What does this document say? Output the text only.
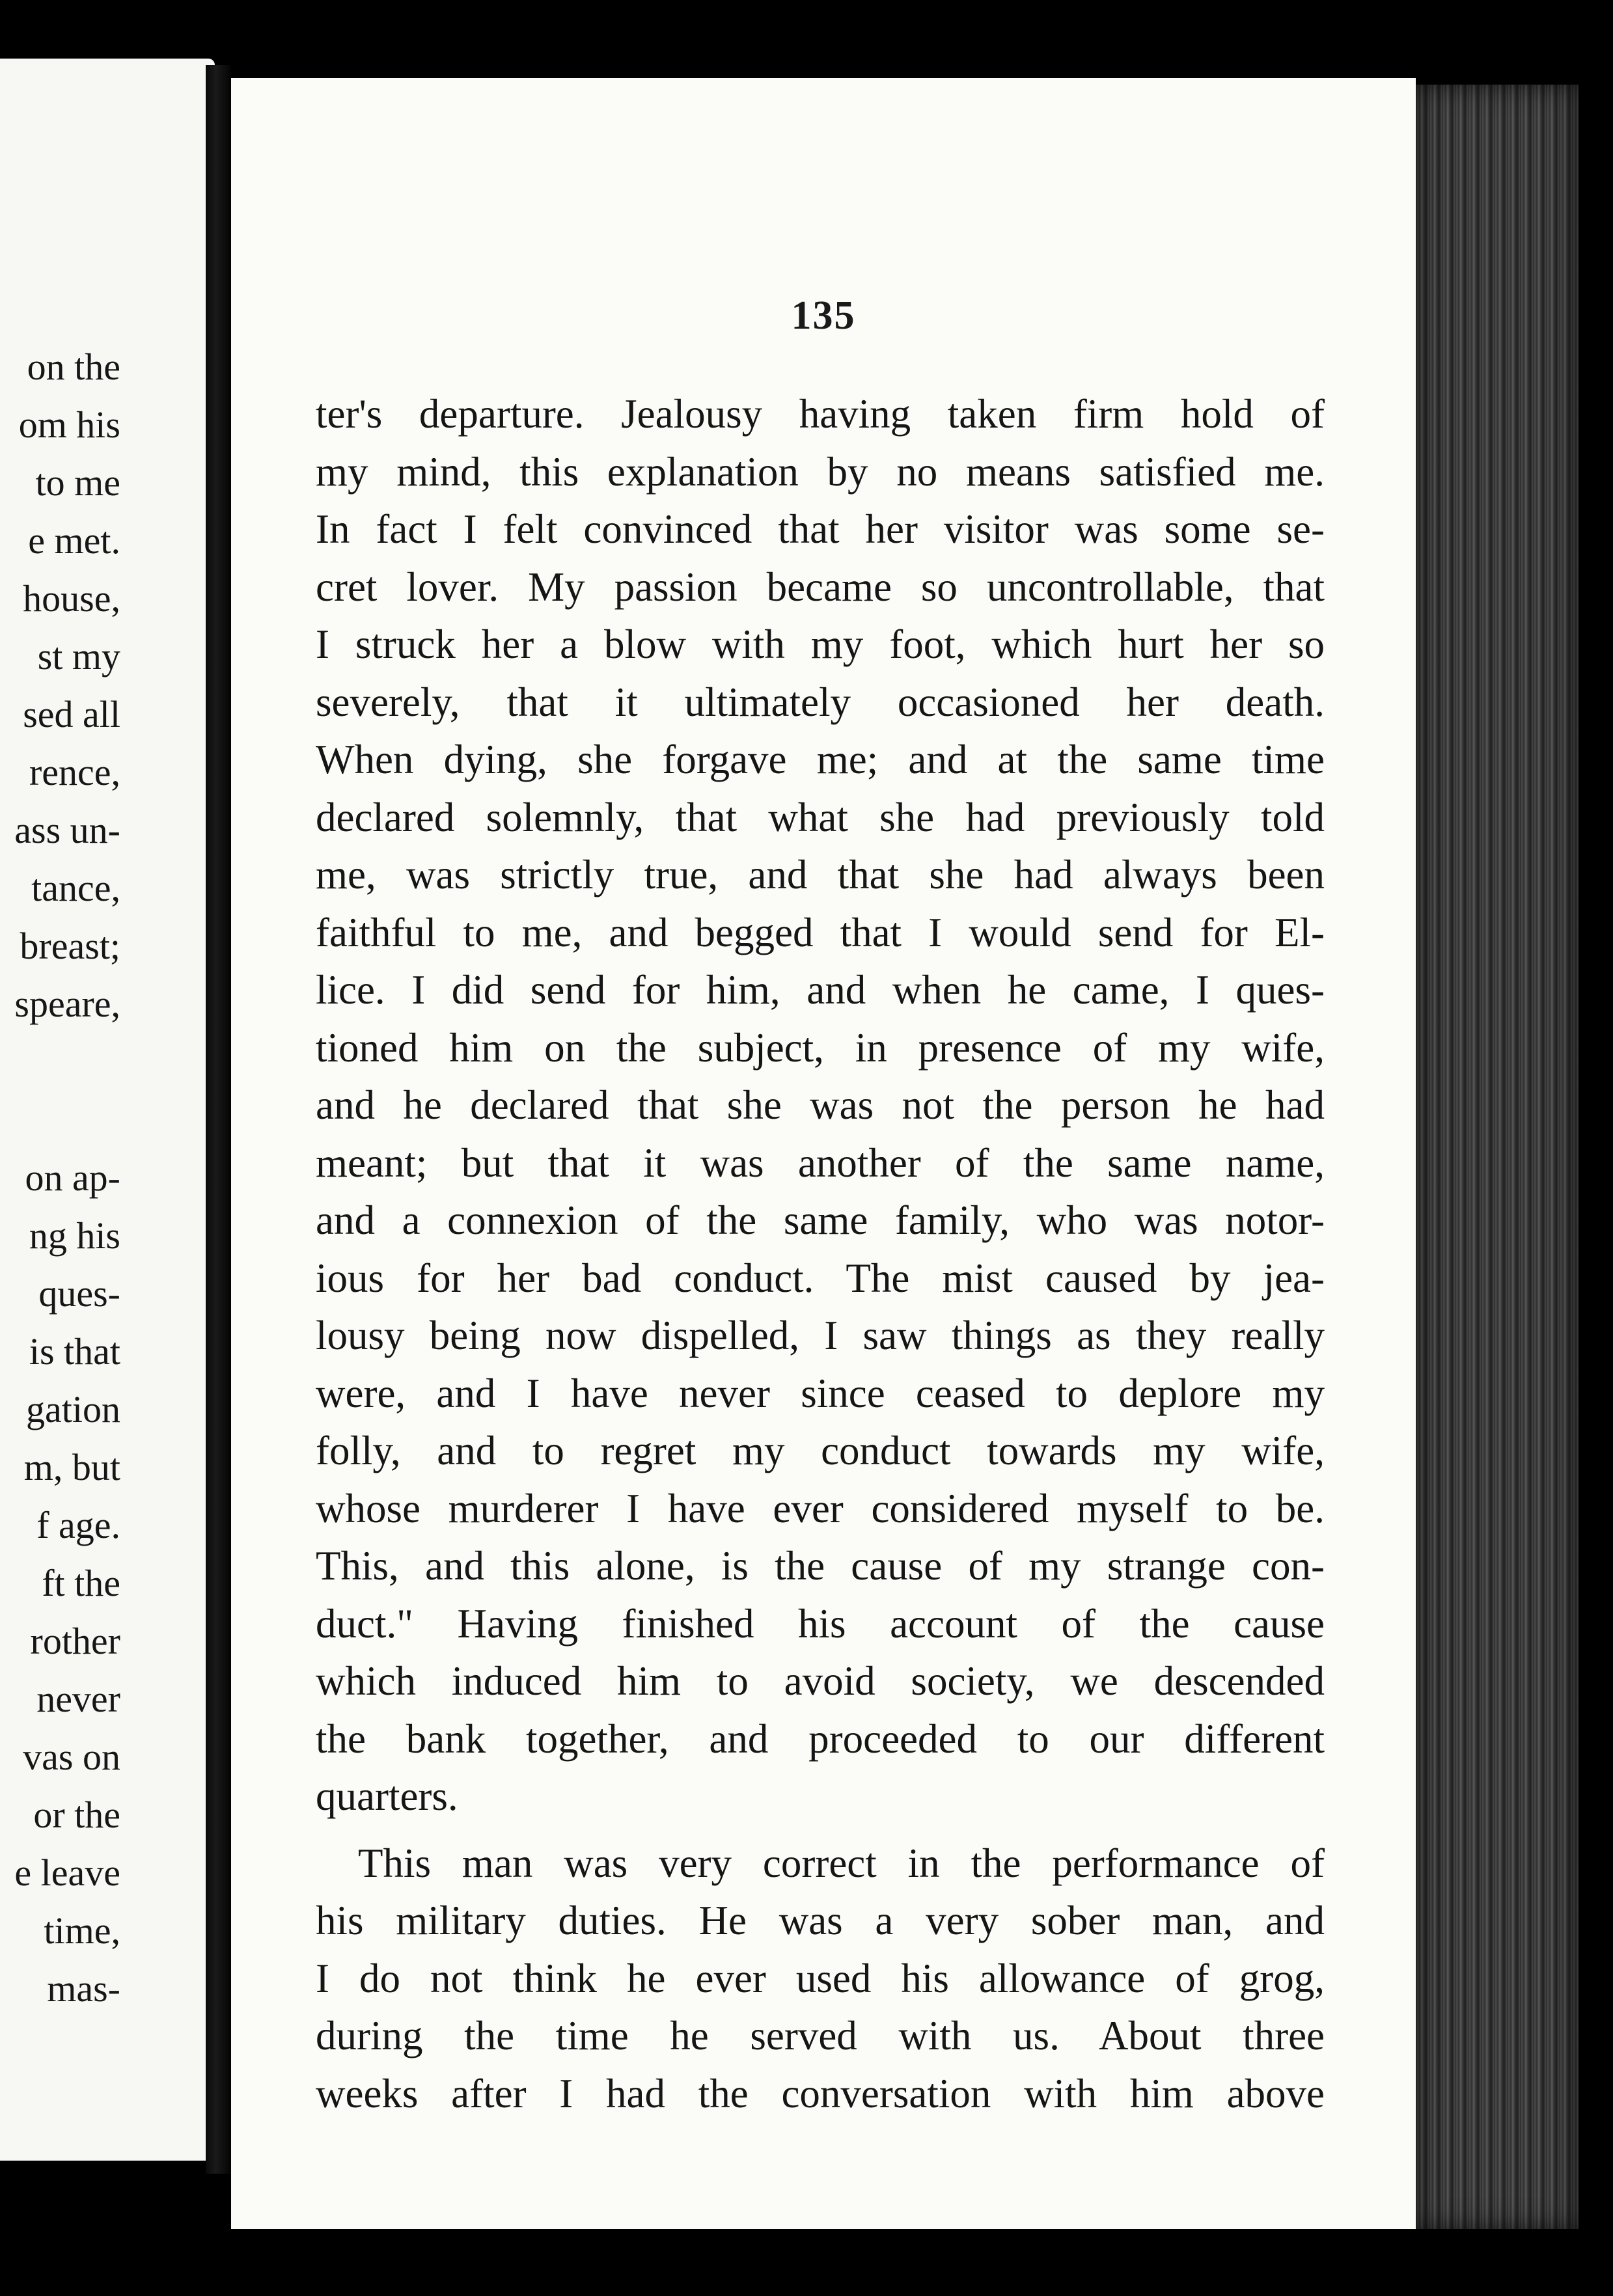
on the
om his
to me
e met.
house,
st my
sed all
rence,
ass un-
tance,
breast;
speare,
on ap-
ng his
ques-
is that
gation
m, but
f age.
ft the
rother
never
vas on
or the
e leave
time,
mas-
135
ter's departure. Jealousy having taken firm hold of
my mind, this explanation by no means satisfied me.
In fact I felt convinced that her visitor was some se-
cret lover. My passion became so uncontrollable, that
I struck her a blow with my foot, which hurt her so
severely, that it ultimately occasioned her death.
When dying, she forgave me; and at the same time
declared solemnly, that what she had previously told
me, was strictly true, and that she had always been
faithful to me, and begged that I would send for El-
lice. I did send for him, and when he came, I ques-
tioned him on the subject, in presence of my wife,
and he declared that she was not the person he had
meant; but that it was another of the same name,
and a connexion of the same family, who was notor-
ious for her bad conduct. The mist caused by jea-
lousy being now dispelled, I saw things as they really
were, and I have never since ceased to deplore my
folly, and to regret my conduct towards my wife,
whose murderer I have ever considered myself to be.
This, and this alone, is the cause of my strange con-
duct." Having finished his account of the cause
which induced him to avoid society, we descended
the bank together, and proceeded to our different
quarters.
This man was very correct in the performance of
his military duties. He was a very sober man, and
I do not think he ever used his allowance of grog,
during the time he served with us. About three
weeks after I had the conversation with him above
